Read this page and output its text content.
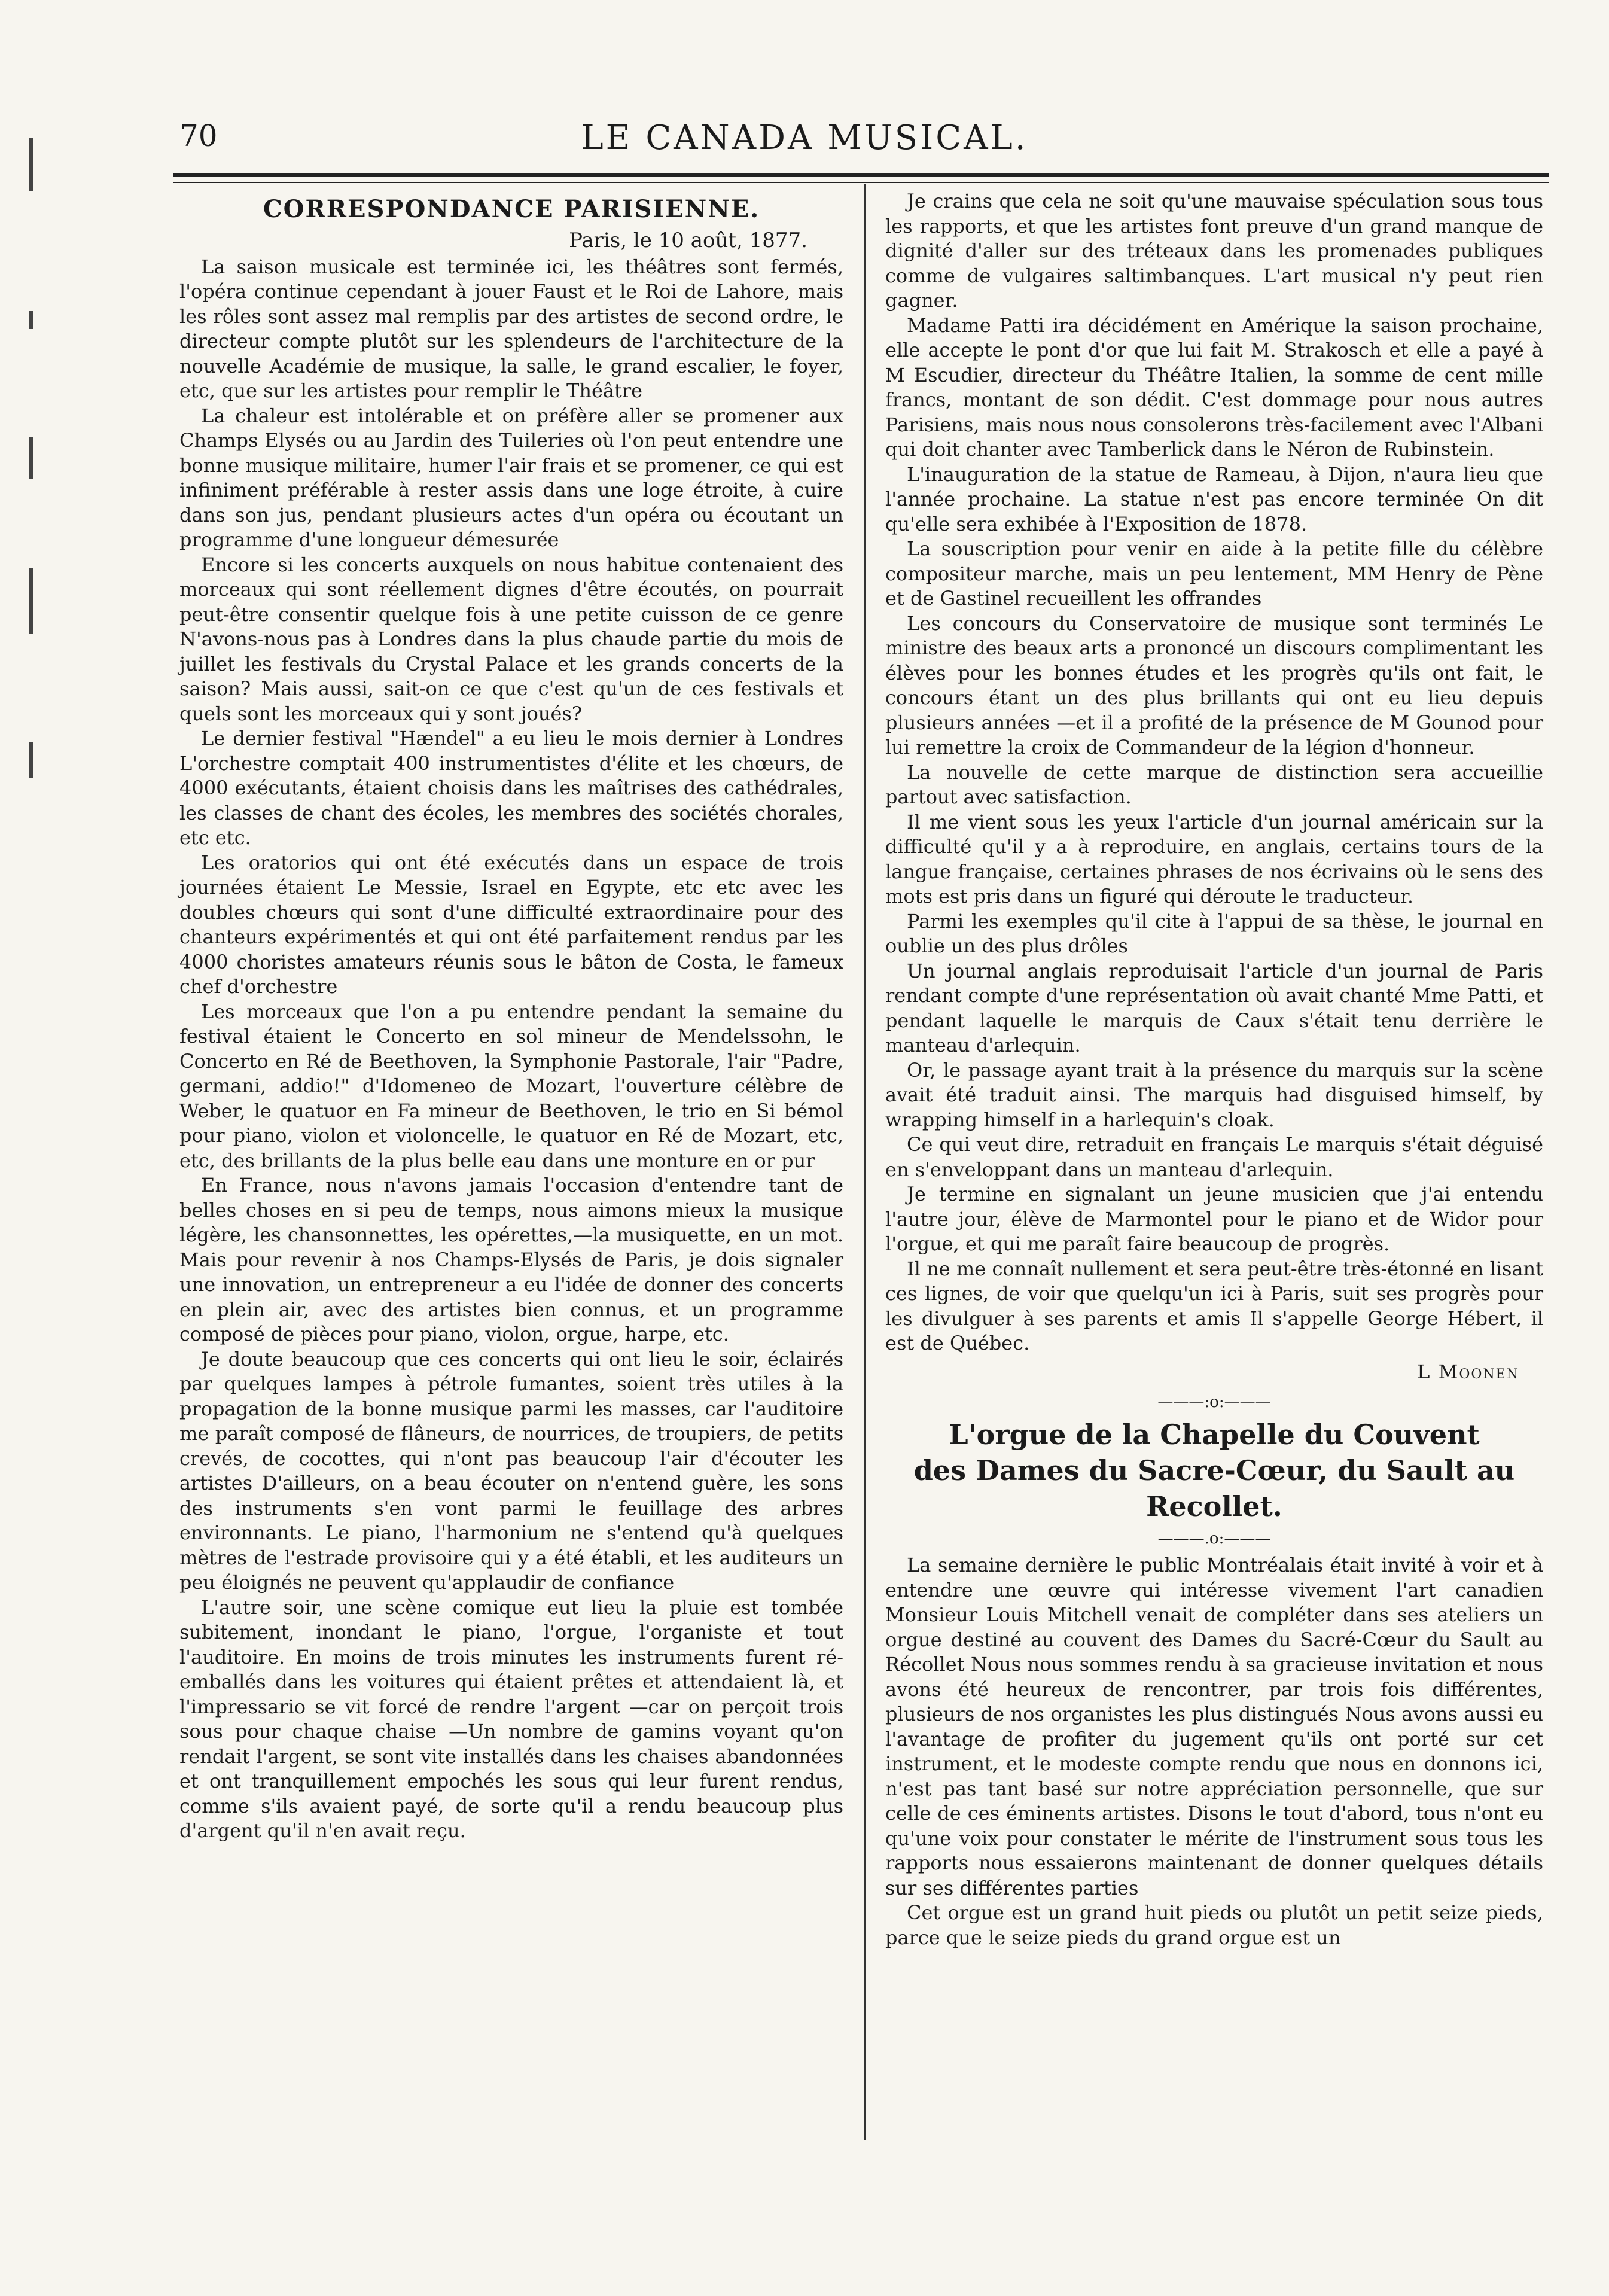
70	LE CANADA MUSICAL.
CORRESPONDANCE PARISIENNE.
Paris, le 10 août, 1877.

La saison musicale est terminée ici, les théâtres sont fermés, l'opéra continue cependant à jouer Faust et le Roi de Lahore, mais les rôles sont assez mal remplis par des artistes de second ordre, le directeur compte plutôt sur les splendeurs de l'architecture de la nouvelle Académie de musique, la salle, le grand escalier, le foyer, etc, que sur les artistes pour remplir le Théâtre

La chaleur est intolérable et on préfère aller se promener aux Champs Elysés ou au Jardin des Tuileries où l'on peut entendre une bonne musique militaire, humer l'air frais et se promener, ce qui est infiniment préférable à rester assis dans une loge étroite, à cuire dans son jus, pendant plusieurs actes d'un opéra ou écoutant un programme d'une longueur démesurée

Encore si les concerts auxquels on nous habitue contenaient des morceaux qui sont réellement dignes d'être écoutés, on pourrait peut-être consentir quelque fois à une petite cuisson de ce genre N'avons-nous pas à Londres dans la plus chaude partie du mois de juillet les festivals du Crystal Palace et les grands concerts de la saison? Mais aussi, sait-on ce que c'est qu'un de ces festivals et quels sont les morceaux qui y sont joués?

Le dernier festival "Hændel" a eu lieu le mois dernier à Londres L'orchestre comptait 400 instrumentistes d'élite et les chœurs, de 4000 exécutants, étaient choisis dans les maîtrises des cathédrales, les classes de chant des écoles, les membres des sociétés chorales, etc etc.

Les oratorios qui ont été exécutés dans un espace de trois journées étaient Le Messie, Israel en Egypte, etc etc avec les doubles chœurs qui sont d'une difficulté extraordinaire pour des chanteurs expérimentés et qui ont été parfaitement rendus par les 4000 choristes amateurs réunis sous le bâton de Costa, le fameux chef d'orchestre

Les morceaux que l'on a pu entendre pendant la semaine du festival étaient le Concerto en sol mineur de Mendelssohn, le Concerto en Ré de Beethoven, la Symphonie Pastorale, l'air "Padre, germani, addio!" d'Idomeneo de Mozart, l'ouverture célèbre de Weber, le quatuor en Fa mineur de Beethoven, le trio en Si bémol pour piano, violon et violoncelle, le quatuor en Ré de Mozart, etc, etc, des brillants de la plus belle eau dans une monture en or pur

En France, nous n'avons jamais l'occasion d'entendre tant de belles choses en si peu de temps, nous aimons mieux la musique légère, les chansonnettes, les opérettes,—la musiquette, en un mot. Mais pour revenir à nos Champs-Elysés de Paris, je dois signaler une innovation, un entrepreneur a eu l'idée de donner des concerts en plein air, avec des artistes bien connus, et un programme composé de pièces pour piano, violon, orgue, harpe, etc.

Je doute beaucoup que ces concerts qui ont lieu le soir, éclairés par quelques lampes à pétrole fumantes, soient très utiles à la propagation de la bonne musique parmi les masses, car l'auditoire me paraît composé de flâneurs, de nourrices, de troupiers, de petits crevés, de cocottes, qui n'ont pas beaucoup l'air d'écouter les artistes D'ailleurs, on a beau écouter on n'entend guère, les sons des instruments s'en vont parmi le feuillage des arbres environnants. Le piano, l'harmonium ne s'entend qu'à quelques mètres de l'estrade provisoire qui y a été établi, et les auditeurs un peu éloignés ne peuvent qu'applaudir de confiance

L'autre soir, une scène comique eut lieu la pluie est tombée subitement, inondant le piano, l'orgue, l'organiste et tout l'auditoire. En moins de trois minutes les instruments furent ré-emballés dans les voitures qui étaient prêtes et attendaient là, et l'impressario se vit forcé de rendre l'argent —car on perçoit trois sous pour chaque chaise —Un nombre de gamins voyant qu'on rendait l'argent, se sont vite installés dans les chaises abandonnées et ont tranquillement empochés les sous qui leur furent rendus, comme s'ils avaient payé, de sorte qu'il a rendu beaucoup plus d'argent qu'il n'en avait reçu.

Je crains que cela ne soit qu'une mauvaise spéculation sous tous les rapports, et que les artistes font preuve d'un grand manque de dignité d'aller sur des tréteaux dans les promenades publiques comme de vulgaires saltimbanques. L'art musical n'y peut rien gagner.

Madame Patti ira décidément en Amérique la saison prochaine, elle accepte le pont d'or que lui fait M. Strakosch et elle a payé à M Escudier, directeur du Théâtre Italien, la somme de cent mille francs, montant de son dédit. C'est dommage pour nous autres Parisiens, mais nous nous consolerons très-facilement avec l'Albani qui doit chanter avec Tamberlick dans le Néron de Rubinstein.

L'inauguration de la statue de Rameau, à Dijon, n'aura lieu que l'année prochaine. La statue n'est pas encore terminée On dit qu'elle sera exhibée à l'Exposition de 1878.

La souscription pour venir en aide à la petite fille du célèbre compositeur marche, mais un peu lentement, MM Henry de Pène et de Gastinel recueillent les offrandes

Les concours du Conservatoire de musique sont terminés Le ministre des beaux arts a prononcé un discours complimentant les élèves pour les bonnes études et les progrès qu'ils ont fait, le concours étant un des plus brillants qui ont eu lieu depuis plusieurs années —et il a profité de la présence de M Gounod pour lui remettre la croix de Commandeur de la légion d'honneur.

La nouvelle de cette marque de distinction sera accueillie partout avec satisfaction.

Il me vient sous les yeux l'article d'un journal américain sur la difficulté qu'il y a à reproduire, en anglais, certains tours de la langue française, certaines phrases de nos écrivains où le sens des mots est pris dans un figuré qui déroute le traducteur.

Parmi les exemples qu'il cite à l'appui de sa thèse, le journal en oublie un des plus drôles

Un journal anglais reproduisait l'article d'un journal de Paris rendant compte d'une représentation où avait chanté Mme Patti, et pendant laquelle le marquis de Caux s'était tenu derrière le manteau d'arlequin.

Or, le passage ayant trait à la présence du marquis sur la scène avait été traduit ainsi. The marquis had disguised himself, by wrapping himself in a harlequin's cloak.

Ce qui veut dire, retraduit en français Le marquis s'était déguisé en s'enveloppant dans un manteau d'arlequin.

Je termine en signalant un jeune musicien que j'ai entendu l'autre jour, élève de Marmontel pour le piano et de Widor pour l'orgue, et qui me paraît faire beaucoup de progrès.

Il ne me connaît nullement et sera peut-être très-étonné en lisant ces lignes, de voir que quelqu'un ici à Paris, suit ses progrès pour les divulguer à ses parents et amis Il s'appelle George Hébert, il est de Québec.

L Moonen
———:o:———
L'orgue de la Chapelle du Couvent
des Dames du Sacre-Cœur, du Sault au Recollet.
———.o:———

La semaine dernière le public Montréalais était invité à voir et à entendre une œuvre qui intéresse vivement l'art canadien Monsieur Louis Mitchell venait de compléter dans ses ateliers un orgue destiné au couvent des Dames du Sacré-Cœur du Sault au Récollet Nous nous sommes rendu à sa gracieuse invitation et nous avons été heureux de rencontrer, par trois fois différentes, plusieurs de nos organistes les plus distingués Nous avons aussi eu l'avantage de profiter du jugement qu'ils ont porté sur cet instrument, et le modeste compte rendu que nous en donnons ici, n'est pas tant basé sur notre appréciation personnelle, que sur celle de ces éminents artistes. Disons le tout d'abord, tous n'ont eu qu'une voix pour constater le mérite de l'instrument sous tous les rapports nous essaierons maintenant de donner quelques détails sur ses différentes parties

Cet orgue est un grand huit pieds ou plutôt un petit seize pieds, parce que le seize pieds du grand orgue est un
